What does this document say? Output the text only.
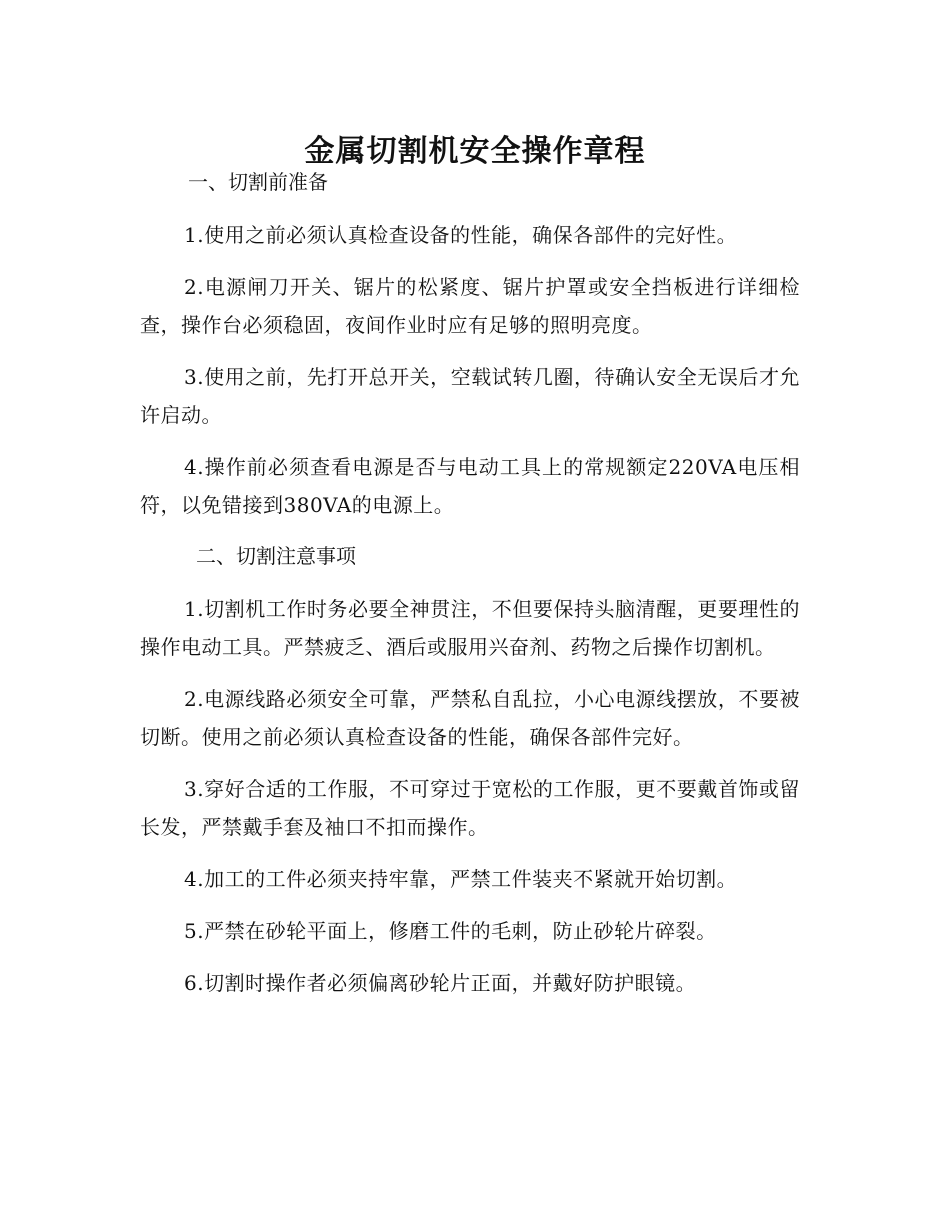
金属切割机安全操作章程

一、切割前准备

1.使用之前必须认真检查设备的性能，确保各部件的完好性。

2.电源闸刀开关、锯片的松紧度、锯片护罩或安全挡板进行详细检查，操作台必须稳固，夜间作业时应有足够的照明亮度。

3.使用之前，先打开总开关，空载试转几圈，待确认安全无误后才允许启动。

4.操作前必须查看电源是否与电动工具上的常规额定220VA电压相符，以免错接到380VA的电源上。

二、切割注意事项

1.切割机工作时务必要全神贯注，不但要保持头脑清醒，更要理性的操作电动工具。严禁疲乏、酒后或服用兴奋剂、药物之后操作切割机。

2.电源线路必须安全可靠，严禁私自乱拉，小心电源线摆放，不要被切断。使用之前必须认真检查设备的性能，确保各部件完好。

3.穿好合适的工作服，不可穿过于宽松的工作服，更不要戴首饰或留长发，严禁戴手套及袖口不扣而操作。

4.加工的工件必须夹持牢靠，严禁工件装夹不紧就开始切割。

5.严禁在砂轮平面上，修磨工件的毛刺，防止砂轮片碎裂。

6.切割时操作者必须偏离砂轮片正面，并戴好防护眼镜。
